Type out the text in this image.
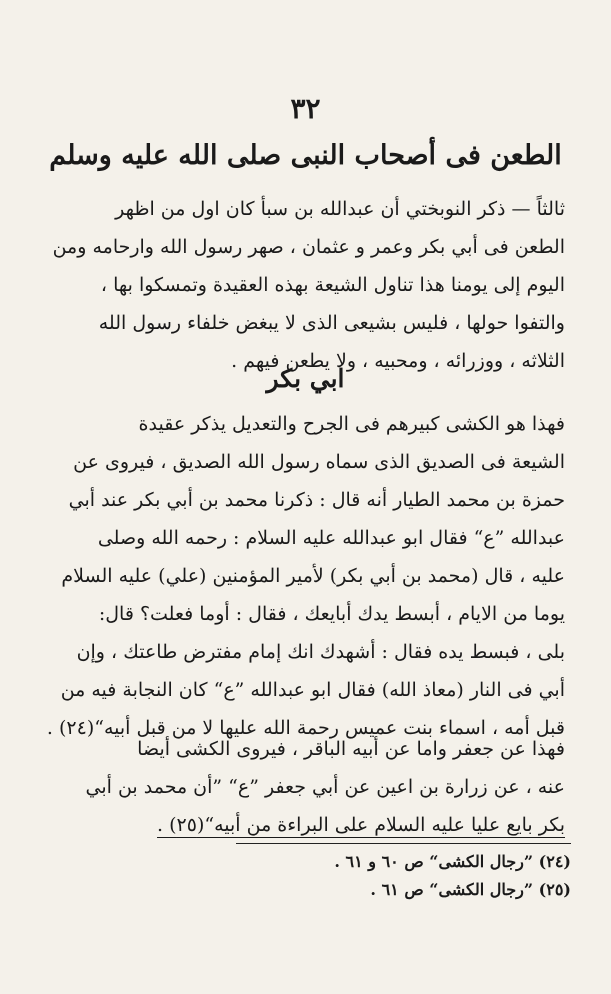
٣٢
الطعن فى أصحاب النبى صلى الله عليه وسلم
ثالثاً — ذكر النوبختي أن عبدالله بن سبأ كان اول من اظهر
الطعن فى أبي بكر وعمر و عثمان ، صهر رسول الله وارحامه ومن
اليوم إلى يومنا هذا تناول الشيعة بهذه العقيدة وتمسكوا بها ،
والتفوا حولها ، فليس بشيعى الذى لا يبغض خلفاء رسول الله
الثلاثه ، ووزرائه ، ومحبيه ، ولا يطعن فيهم .
ابي بكر
فهذا هو الكشى كبيرهم فى الجرح والتعديل يذكر عقيدة
الشيعة فى الصديق الذى سماه رسول الله الصديق ، فيروى عن
حمزة بن محمد الطيار أنه قال : ذكرنا محمد بن أبي بكر عند أبي
عبدالله ”ع“ فقال ابو عبدالله عليه السلام : رحمه الله وصلى
عليه ، قال (محمد بن أبي بكر) لأمير المؤمنين (علي) عليه السلام
يوما من الايام ، أبسط يدك أبايعك ، فقال : أوما فعلت؟ قال:
بلى ، فبسط يده فقال : أشهدك انك إمام مفترض طاعتك ، وإن
أبي فى النار (معاذ الله) فقال ابو عبدالله ”ع“ كان النجابة فيه من
قبل أمه ، اسماء بنت عميس رحمة الله عليها لا من قبل أبيه“(٢٤) .
فهذا عن جعفر واما عن أبيه الباقر ، فيروى الكشى أيضا
عنه ، عن زرارة بن اعين عن أبي جعفر ”ع“ ”أن محمد بن أبي
بكر بايع عليا عليه السلام على البراءة من أبيه“(٢٥) .
(٢٤) ”رجال الكشى“ ص ٦٠ و ٦١ .
(٢٥) ”رجال الكشى“ ص ٦١ .
